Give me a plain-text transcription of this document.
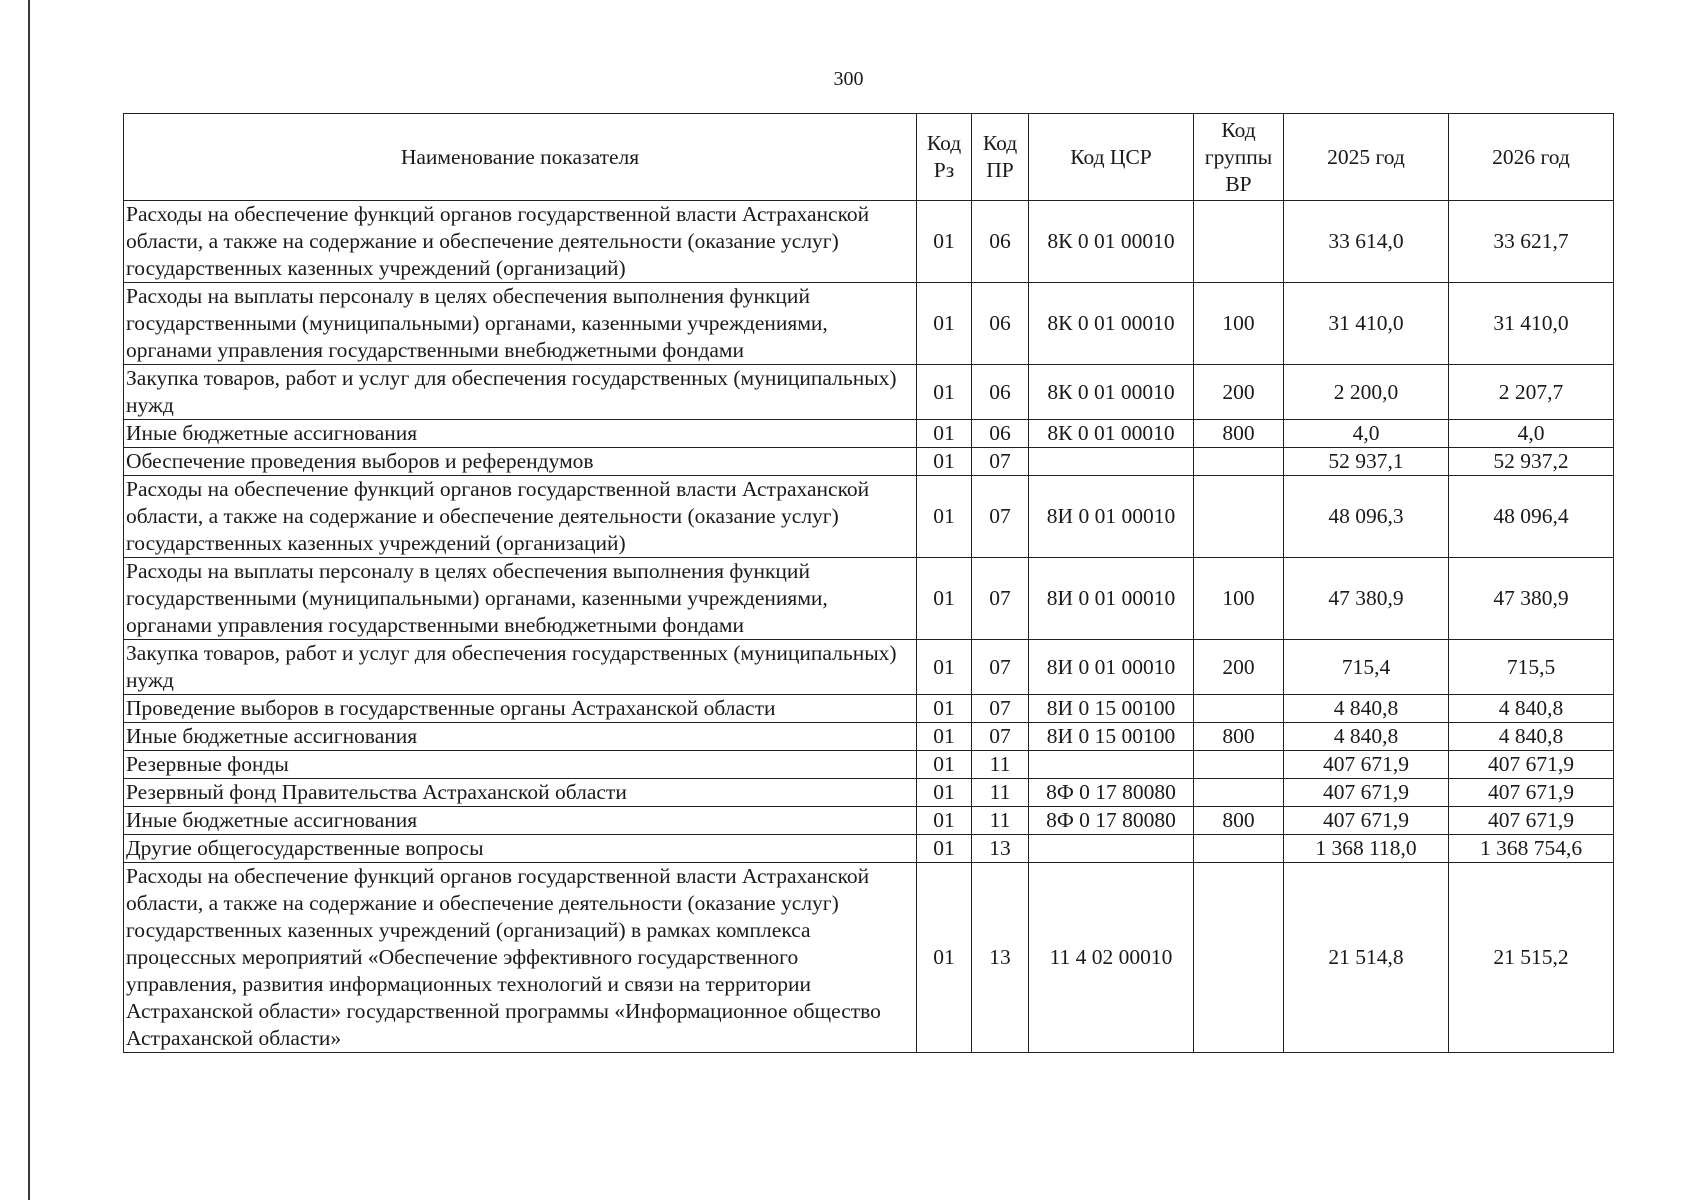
300
Наименование показателя	Код Рз	Код ПР	Код ЦСР	Код группы ВР	2025 год	2026 год
Расходы на обеспечение функций органов государственной власти Астраханской области, а также на содержание и обеспечение деятельности (оказание услуг) государственных казенных учреждений (организаций)	01	06	8К 0 01 00010		33 614,0	33 621,7
Расходы на выплаты персоналу в целях обеспечения выполнения функций государственными (муниципальными) органами, казенными учреждениями, органами управления государственными внебюджетными фондами	01	06	8К 0 01 00010	100	31 410,0	31 410,0
Закупка товаров, работ и услуг для обеспечения государственных (муниципальных) нужд	01	06	8К 0 01 00010	200	2 200,0	2 207,7
Иные бюджетные ассигнования	01	06	8К 0 01 00010	800	4,0	4,0
Обеспечение проведения выборов и референдумов	01	07			52 937,1	52 937,2
Расходы на обеспечение функций органов государственной власти Астраханской области, а также на содержание и обеспечение деятельности (оказание услуг) государственных казенных учреждений (организаций)	01	07	8И 0 01 00010		48 096,3	48 096,4
Расходы на выплаты персоналу в целях обеспечения выполнения функций государственными (муниципальными) органами, казенными учреждениями, органами управления государственными внебюджетными фондами	01	07	8И 0 01 00010	100	47 380,9	47 380,9
Закупка товаров, работ и услуг для обеспечения государственных (муниципальных) нужд	01	07	8И 0 01 00010	200	715,4	715,5
Проведение выборов в государственные органы Астраханской области	01	07	8И 0 15 00100		4 840,8	4 840,8
Иные бюджетные ассигнования	01	07	8И 0 15 00100	800	4 840,8	4 840,8
Резервные фонды	01	11			407 671,9	407 671,9
Резервный фонд Правительства Астраханской области	01	11	8Ф 0 17 80080		407 671,9	407 671,9
Иные бюджетные ассигнования	01	11	8Ф 0 17 80080	800	407 671,9	407 671,9
Другие общегосударственные вопросы	01	13			1 368 118,0	1 368 754,6
Расходы на обеспечение функций органов государственной власти Астраханской области, а также на содержание и обеспечение деятельности (оказание услуг) государственных казенных учреждений (организаций) в рамках комплекса процессных мероприятий «Обеспечение эффективного государственного управления, развития информационных технологий и связи на территории Астраханской области» государственной программы «Информационное общество Астраханской области»	01	13	11 4 02 00010		21 514,8	21 515,2
